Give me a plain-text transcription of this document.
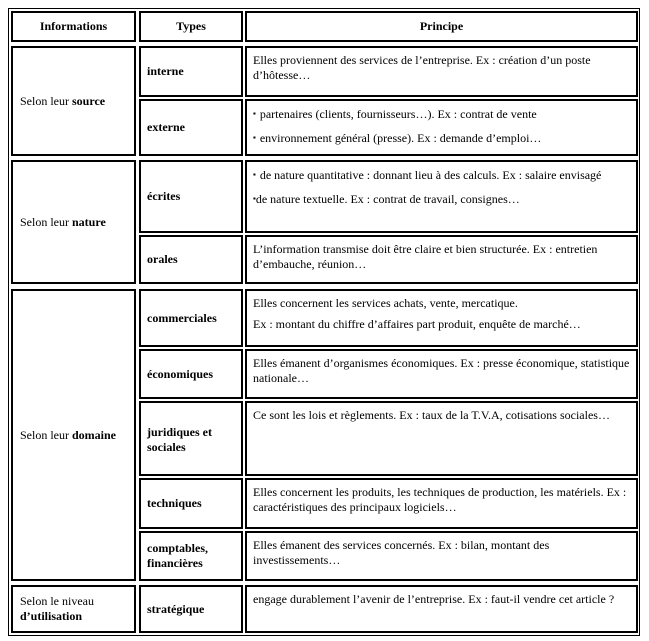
Informations	Types	Principe
Selon leur source
interne
Elles proviennent des services de l’entreprise. Ex : création d’un poste d’hôtesse…
externe
▪ partenaires (clients, fournisseurs…). Ex : contrat de vente
▪ environnement général (presse). Ex : demande d’emploi…
Selon leur nature
écrites
▪ de nature quantitative : donnant lieu à des calculs. Ex : salaire envisagé
▪de nature textuelle. Ex : contrat de travail, consignes…
orales
L’information transmise doit être claire et bien structurée. Ex : entretien d’embauche, réunion…
Selon leur domaine
commerciales
Elles concernent les services achats, vente, mercatique.
Ex : montant du chiffre d’affaires part produit, enquête de marché…
économiques
Elles émanent d’organismes économiques. Ex : presse économique, statistique nationale…
juridiques et sociales
Ce sont les lois et règlements. Ex : taux de la T.V.A, cotisations sociales…
techniques
Elles concernent les produits, les techniques de production, les matériels. Ex : caractéristiques des principaux logiciels…
comptables, financières
Elles émanent des services concernés. Ex : bilan, montant des investissements…
Selon le niveau d’utilisation
stratégique
engage durablement l’avenir de l’entreprise. Ex : faut-il vendre cet article ?
